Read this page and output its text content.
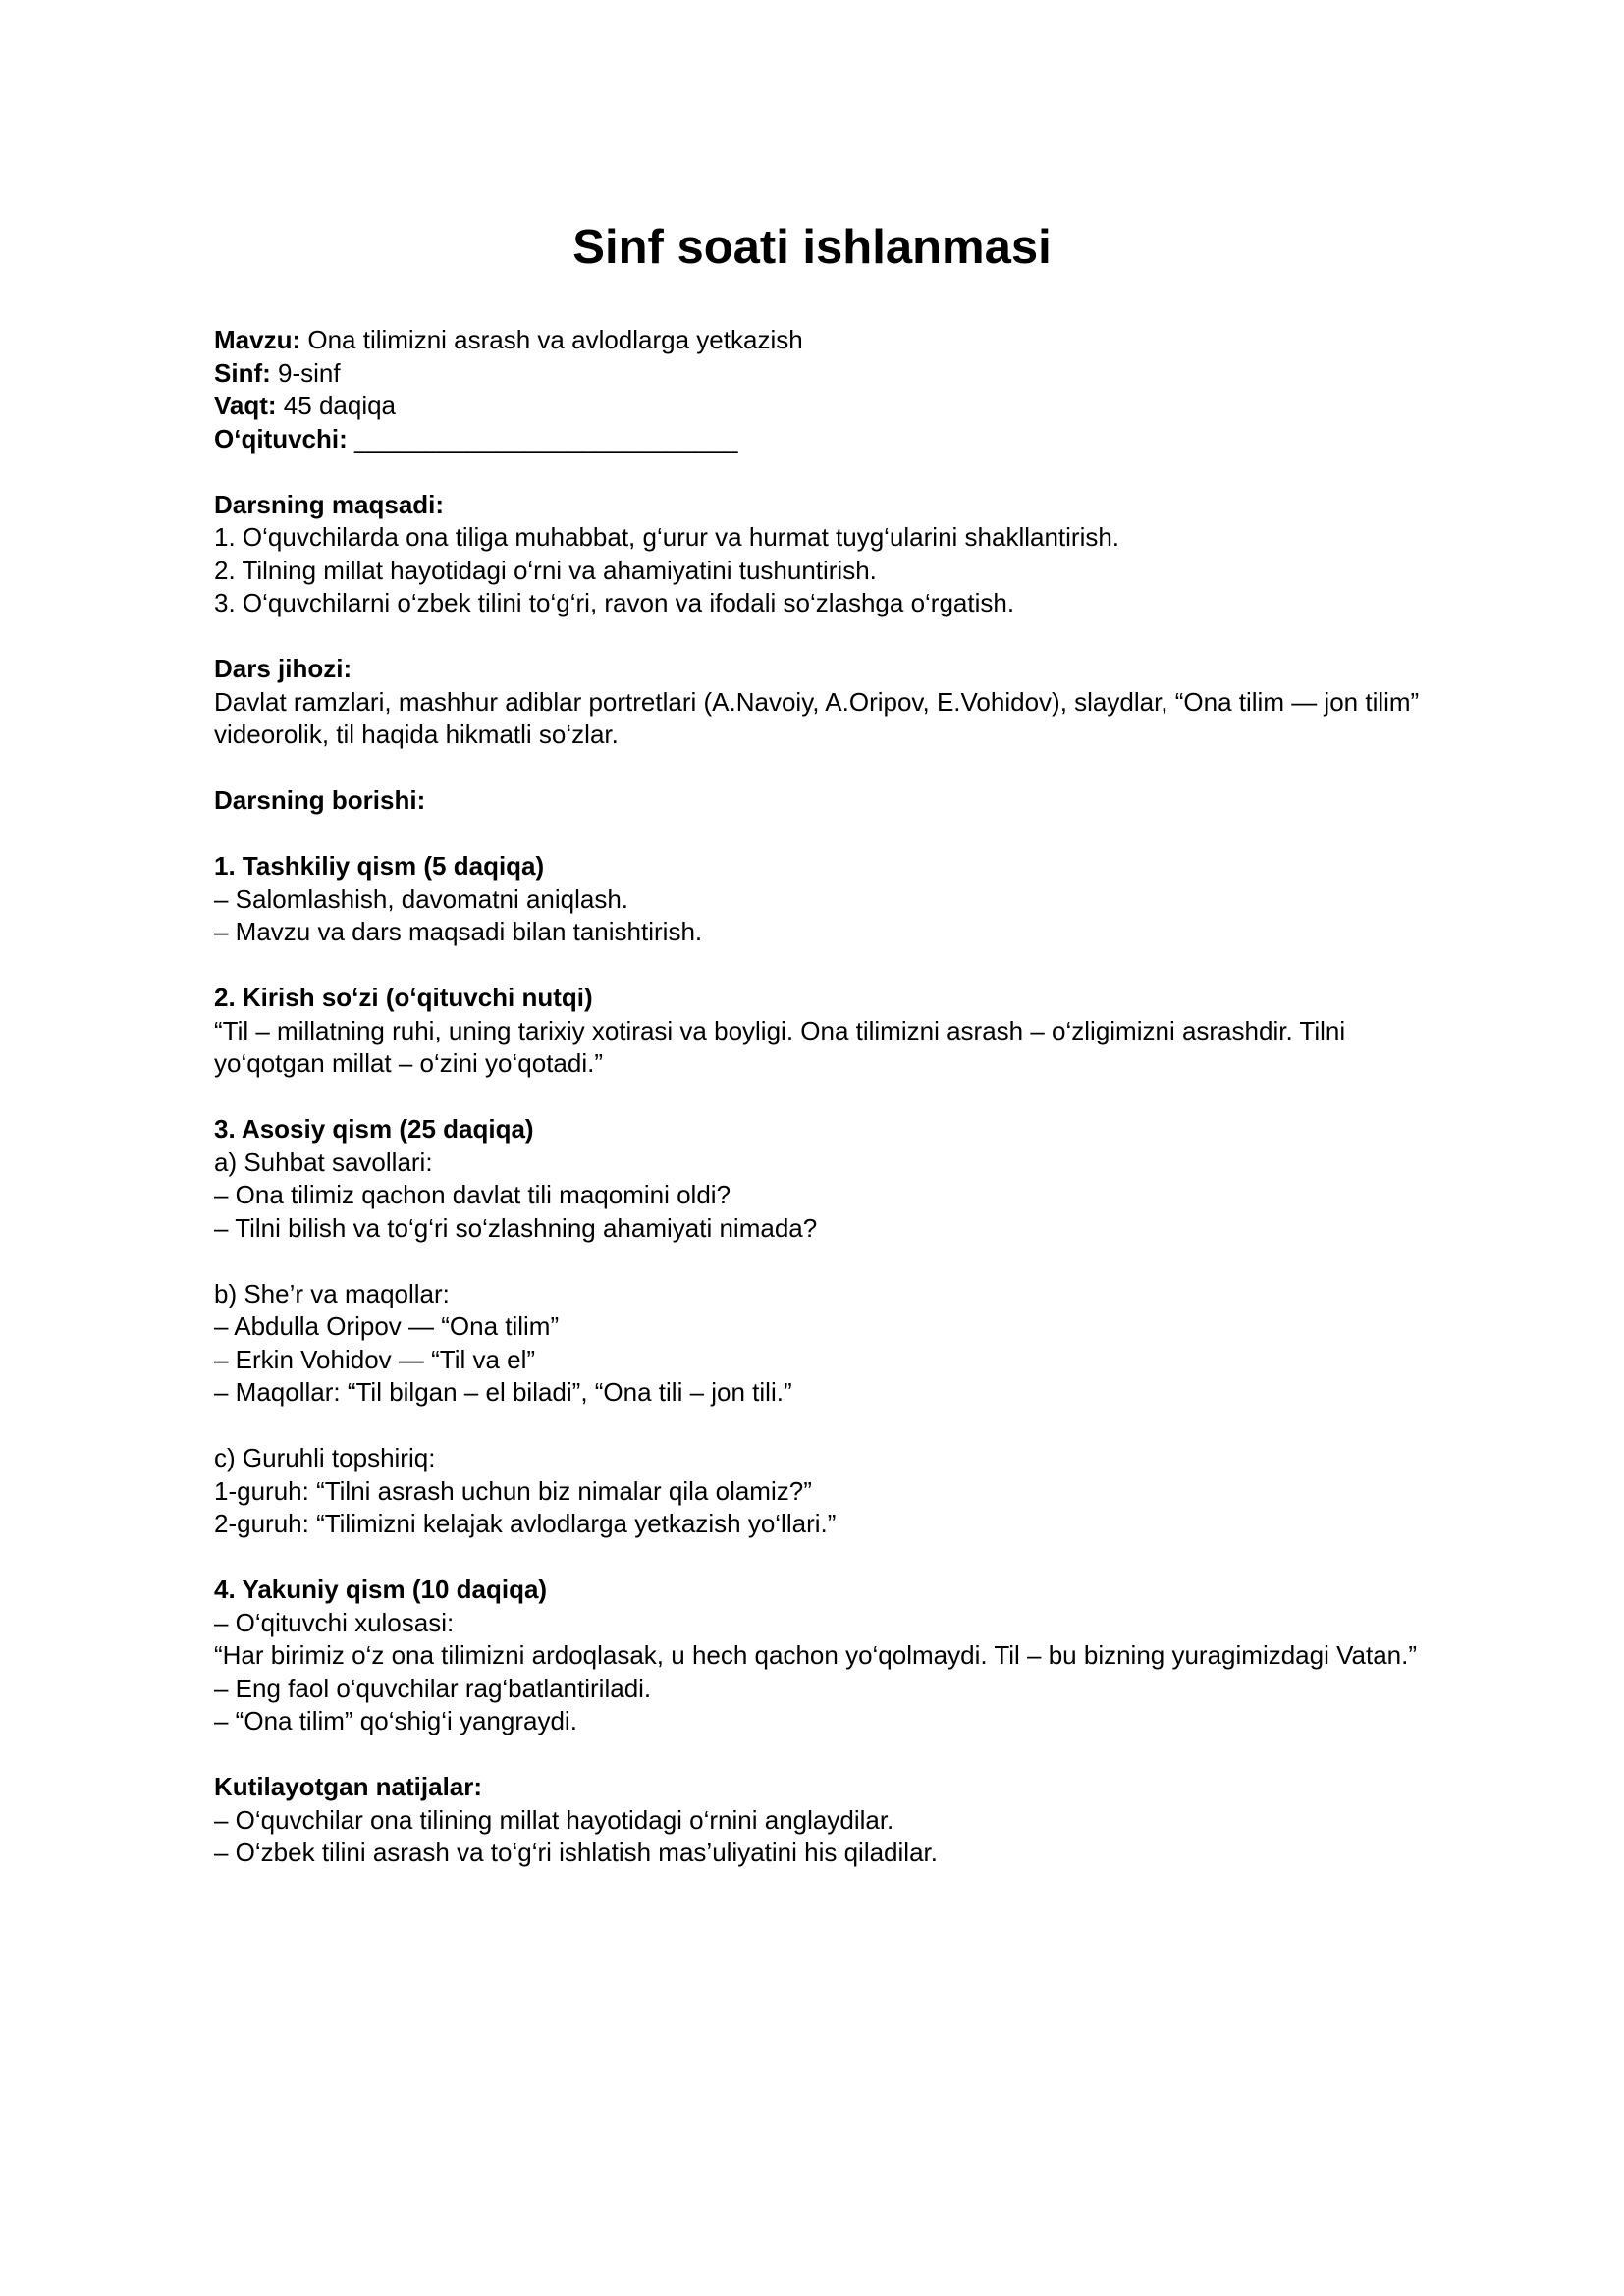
Sinf soati ishlanmasi

Mavzu: Ona tilimizni asrash va avlodlarga yetkazish

Sinf: 9-sinf

Vaqt: 45 daqiqa

O‘qituvchi: ___________________________

Darsning maqsadi:

1. O‘quvchilarda ona tiliga muhabbat, g‘urur va hurmat tuyg‘ularini shakllantirish.

2. Tilning millat hayotidagi o‘rni va ahamiyatini tushuntirish.

3. O‘quvchilarni o‘zbek tilini to‘g‘ri, ravon va ifodali so‘zlashga o‘rgatish.

Dars jihozi:

Davlat ramzlari, mashhur adiblar portretlari (A.Navoiy, A.Oripov, E.Vohidov), slaydlar, “Ona tilim — jon tilim” videorolik, til haqida hikmatli so‘zlar.

Darsning borishi:

1. Tashkiliy qism (5 daqiqa)

– Salomlashish, davomatni aniqlash.

– Mavzu va dars maqsadi bilan tanishtirish.

2. Kirish so‘zi (o‘qituvchi nutqi)

“Til – millatning ruhi, uning tarixiy xotirasi va boyligi. Ona tilimizni asrash – o‘zligimizni asrashdir. Tilni yo‘qotgan millat – o‘zini yo‘qotadi.”

3. Asosiy qism (25 daqiqa)

a) Suhbat savollari:

– Ona tilimiz qachon davlat tili maqomini oldi?

– Tilni bilish va to‘g‘ri so‘zlashning ahamiyati nimada?

b) She’r va maqollar:

– Abdulla Oripov — “Ona tilim”

– Erkin Vohidov — “Til va el”

– Maqollar: “Til bilgan – el biladi”, “Ona tili – jon tili.”

c) Guruhli topshiriq:

1-guruh: “Tilni asrash uchun biz nimalar qila olamiz?”

2-guruh: “Tilimizni kelajak avlodlarga yetkazish yo‘llari.”

4. Yakuniy qism (10 daqiqa)

– O‘qituvchi xulosasi:

“Har birimiz o‘z ona tilimizni ardoqlasak, u hech qachon yo‘qolmaydi. Til – bu bizning yuragimizdagi Vatan.”

– Eng faol o‘quvchilar rag‘batlantiriladi.

– “Ona tilim” qo‘shig‘i yangraydi.

Kutilayotgan natijalar:

– O‘quvchilar ona tilining millat hayotidagi o‘rnini anglaydilar.

– O‘zbek tilini asrash va to‘g‘ri ishlatish mas’uliyatini his qiladilar.
